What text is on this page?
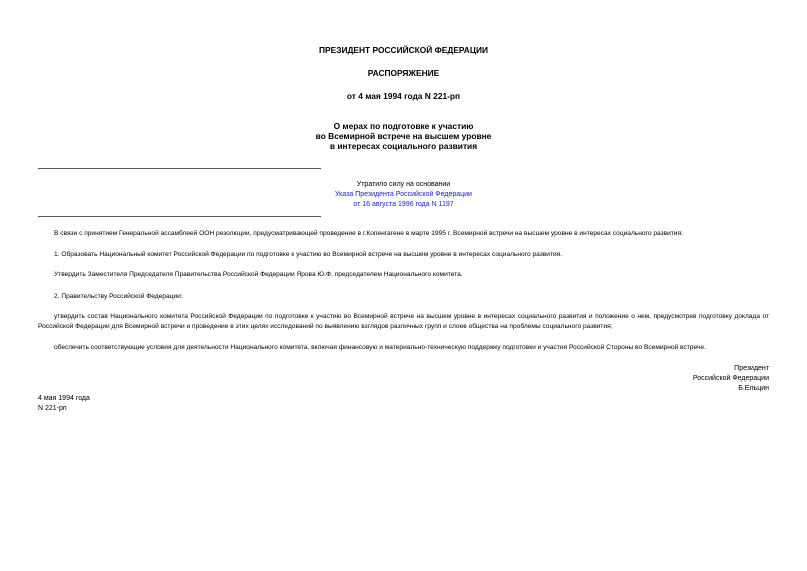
ПРЕЗИДЕНТ РОССИЙСКОЙ ФЕДЕРАЦИИ
РАСПОРЯЖЕНИЕ
от 4 мая 1994 года N 221-рп
О мерах по подготовке к участию
во Всемирной встрече на высшем уровне
в интересах социального развития
Утратило силу на основании
Указа Президента Российской Федерации
от 16 августа 1996 года N 1197
В связи с принятием Генеральной ассамблеей ООН резолюции, предусматривающей проведение в г.Копенгагене в марте 1995 г. Всемирной встречи на высшем уровне в интересах социального развития:
1. Образовать Национальный комитет Российской Федерации по подготовке к участию во Всемирной встрече на высшем уровне в интересах социального развития.
Утвердить Заместителя Председателя Правительства Российской Федерации Ярова Ю.Ф. председателем Национального комитета.
2. Правительству Российской Федерации:
утвердить состав Национального комитета Российской Федерации по подготовке к участию во Всемирной встрече на высшем уровне в интересах социального развития и положение о нем, предусмотрев подготовку доклада от Российской Федерации для Всемирной встречи и проведение в этих целях исследований по выявлению взглядов различных групп и слоев общества на проблемы социального развития;
обеспечить соответствующие условия для деятельности Национального комитета, включая финансовую и материально-техническую поддержку подготовки и участия Российской Стороны во Всемирной встрече.
Президент
Российской Федерации
Б.Ельцин
4 мая 1994 года
N 221-рп
